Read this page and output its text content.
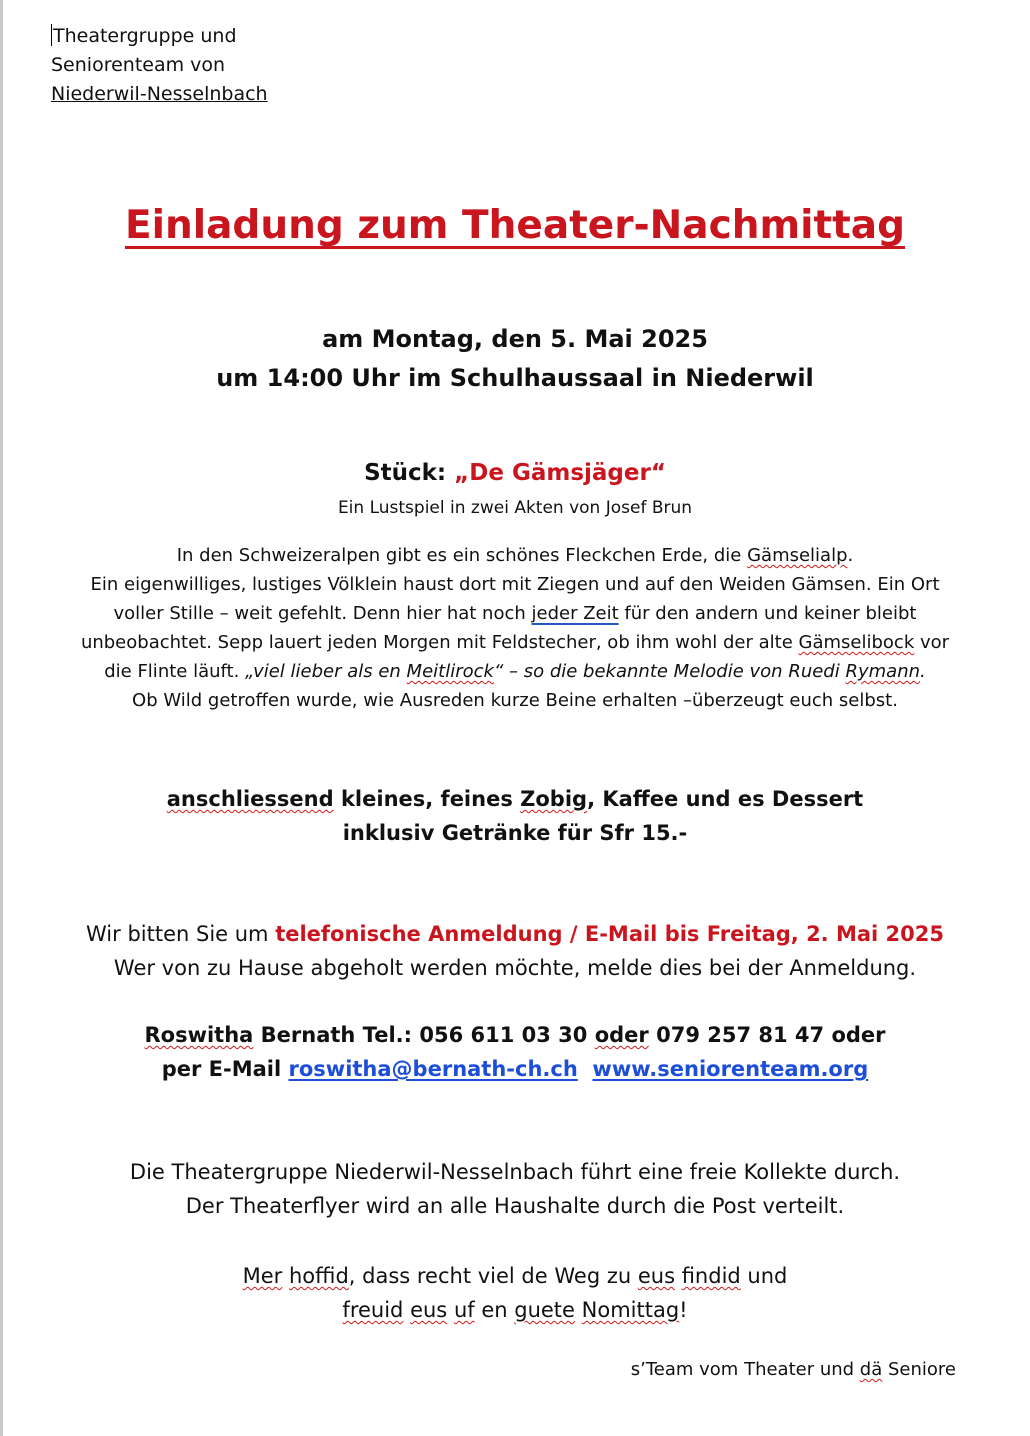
Theatergruppe und
Seniorenteam von
Niederwil-Nesselnbach
Einladung zum Theater-Nachmittag
am Montag, den 5. Mai 2025
um 14:00 Uhr im Schulhaussaal in Niederwil
Stück: „De Gämsjäger“
Ein Lustspiel in zwei Akten von Josef Brun
In den Schweizeralpen gibt es ein schönes Fleckchen Erde, die Gämselialp.
Ein eigenwilliges, lustiges Völklein haust dort mit Ziegen und auf den Weiden Gämsen. Ein Ort
voller Stille – weit gefehlt. Denn hier hat noch jeder Zeit für den andern und keiner bleibt
unbeobachtet. Sepp lauert jeden Morgen mit Feldstecher, ob ihm wohl der alte Gämselibock vor
die Flinte läuft. „viel lieber als en Meitlirock“ – so die bekannte Melodie von Ruedi Rymann.
Ob Wild getroffen wurde, wie Ausreden kurze Beine erhalten –überzeugt euch selbst.
anschliessend kleines, feines Zobig, Kaffee und es Dessert
inklusiv Getränke für Sfr 15.-
Wir bitten Sie um telefonische Anmeldung / E-Mail bis Freitag, 2. Mai 2025
Wer von zu Hause abgeholt werden möchte, melde dies bei der Anmeldung.
Roswitha Bernath Tel.: 056 611 03 30 oder 079 257 81 47 oder
per E-Mail roswitha@bernath-ch.ch www.seniorenteam.org
Die Theatergruppe Niederwil-Nesselnbach führt eine freie Kollekte durch.
Der Theaterflyer wird an alle Haushalte durch die Post verteilt.
Mer hoffid, dass recht viel de Weg zu eus findid und
freuid eus uf en guete Nomittag!
s’Team vom Theater und dä Seniore
